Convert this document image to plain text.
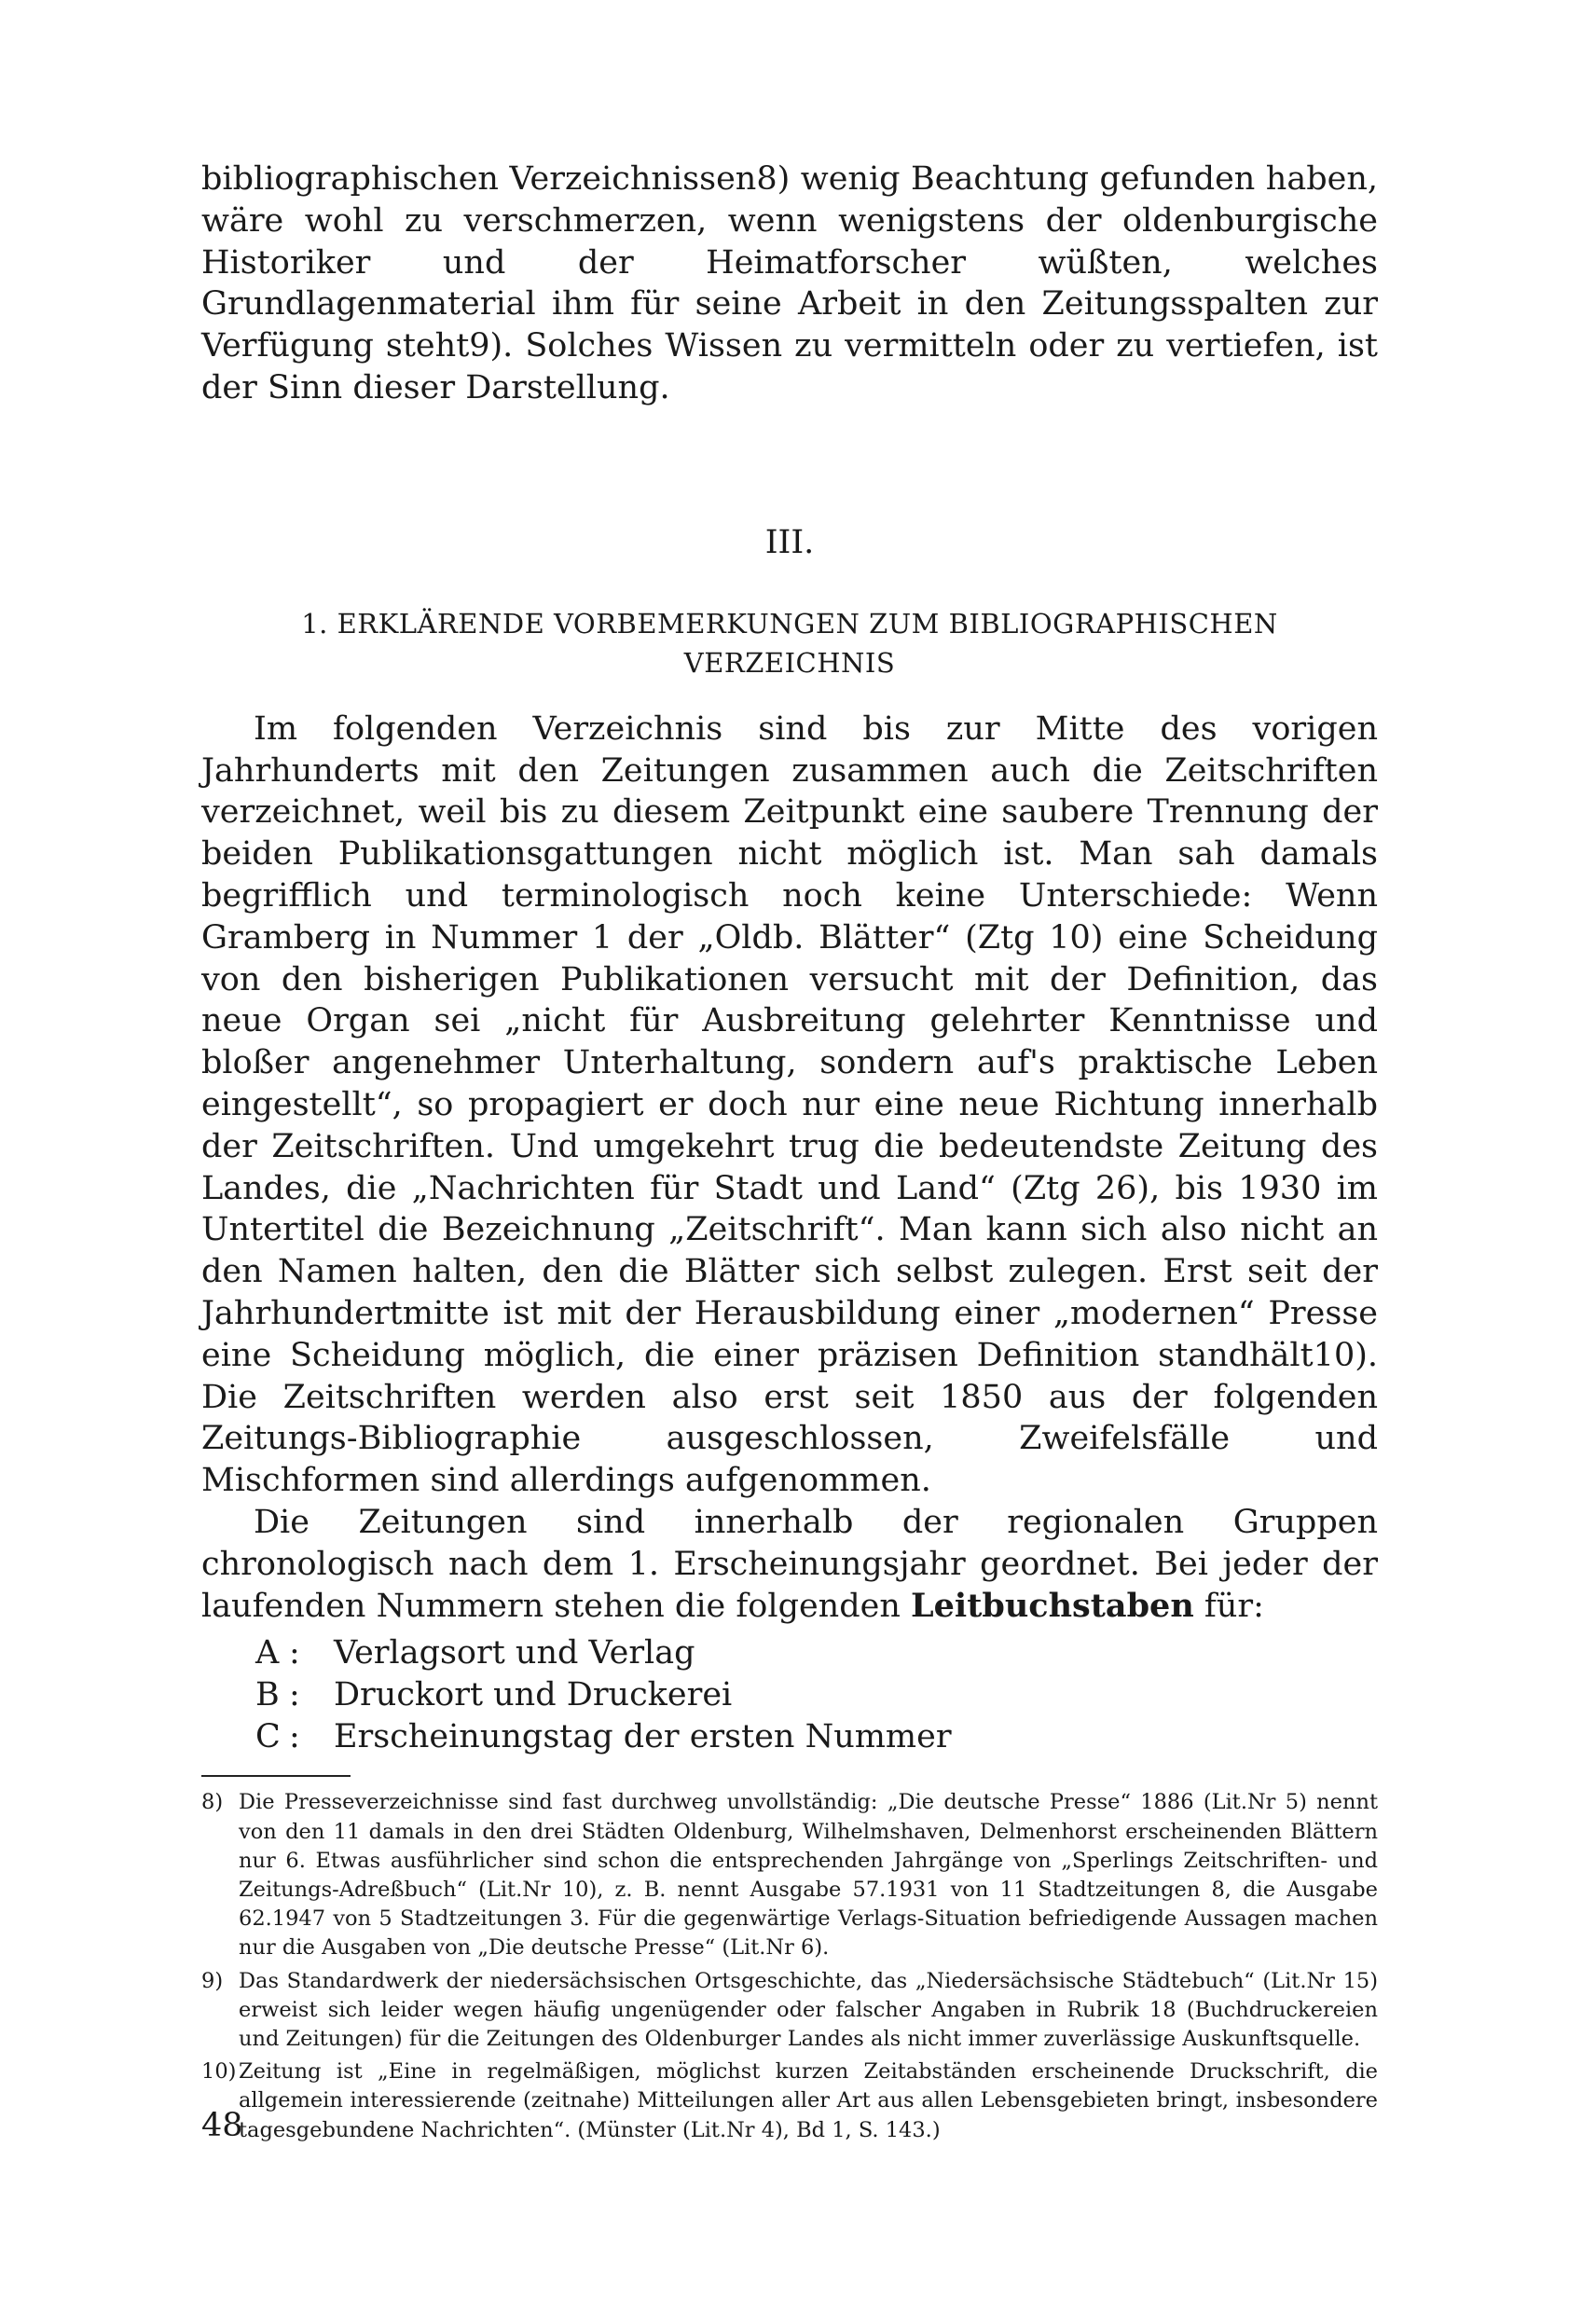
bibliographischen Verzeichnissen8) wenig Beachtung gefunden haben, wäre wohl zu verschmerzen, wenn wenigstens der oldenburgische Historiker und der Heimatforscher wüßten, welches Grundlagenmaterial ihm für seine Arbeit in den Zeitungsspalten zur Verfügung steht9). Solches Wissen zu vermitteln oder zu vertiefen, ist der Sinn dieser Darstellung.

III.
1. ERKLÄRENDE VORBEMERKUNGEN ZUM BIBLIOGRAPHISCHEN VERZEICHNIS

Im folgenden Verzeichnis sind bis zur Mitte des vorigen Jahrhunderts mit den Zeitungen zusammen auch die Zeitschriften verzeichnet, weil bis zu diesem Zeitpunkt eine saubere Trennung der beiden Publikationsgattungen nicht möglich ist. Man sah damals begrifflich und terminologisch noch keine Unterschiede: Wenn Gramberg in Nummer 1 der „Oldb. Blätter“ (Ztg 10) eine Scheidung von den bisherigen Publikationen versucht mit der Definition, das neue Organ sei „nicht für Ausbreitung gelehrter Kenntnisse und bloßer angenehmer Unterhaltung, sondern auf's praktische Leben eingestellt“, so propagiert er doch nur eine neue Richtung innerhalb der Zeitschriften. Und umgekehrt trug die bedeutendste Zeitung des Landes, die „Nachrichten für Stadt und Land“ (Ztg 26), bis 1930 im Untertitel die Bezeichnung „Zeitschrift“. Man kann sich also nicht an den Namen halten, den die Blätter sich selbst zulegen. Erst seit der Jahrhundertmitte ist mit der Herausbildung einer „modernen“ Presse eine Scheidung möglich, die einer präzisen Definition standhält10). Die Zeitschriften werden also erst seit 1850 aus der folgenden Zeitungs-Bibliographie ausgeschlossen, Zweifelsfälle und Mischformen sind allerdings aufgenommen.

Die Zeitungen sind innerhalb der regionalen Gruppen chronologisch nach dem 1. Erscheinungsjahr geordnet. Bei jeder der laufenden Nummern stehen die folgenden Leitbuchstaben für:

A :	Verlagsort und Verlag
B :	Druckort und Druckerei
C :	Erscheinungstag der ersten Nummer
8) Die Presseverzeichnisse sind fast durchweg unvollständig: „Die deutsche Presse“ 1886 (Lit.Nr 5) nennt von den 11 damals in den drei Städten Oldenburg, Wilhelmshaven, Delmenhorst erscheinenden Blättern nur 6. Etwas ausführlicher sind schon die entsprechenden Jahrgänge von „Sperlings Zeitschriften- und Zeitungs-Adreßbuch“ (Lit.Nr 10), z. B. nennt Ausgabe 57.1931 von 11 Stadtzeitungen 8, die Ausgabe 62.1947 von 5 Stadtzeitungen 3. Für die gegenwärtige Verlags-Situation befriedigende Aussagen machen nur die Ausgaben von „Die deutsche Presse“ (Lit.Nr 6).
9) Das Standardwerk der niedersächsischen Ortsgeschichte, das „Niedersächsische Städtebuch“ (Lit.Nr 15) erweist sich leider wegen häufig ungenügender oder falscher Angaben in Rubrik 18 (Buchdruckereien und Zeitungen) für die Zeitungen des Oldenburger Landes als nicht immer zuverlässige Auskunftsquelle.
10) Zeitung ist „Eine in regelmäßigen, möglichst kurzen Zeitabständen erscheinende Druckschrift, die allgemein interessierende (zeitnahe) Mitteilungen aller Art aus allen Lebensgebieten bringt, insbesondere tagesgebundene Nachrichten“. (Münster (Lit.Nr 4), Bd 1, S. 143.)
48
